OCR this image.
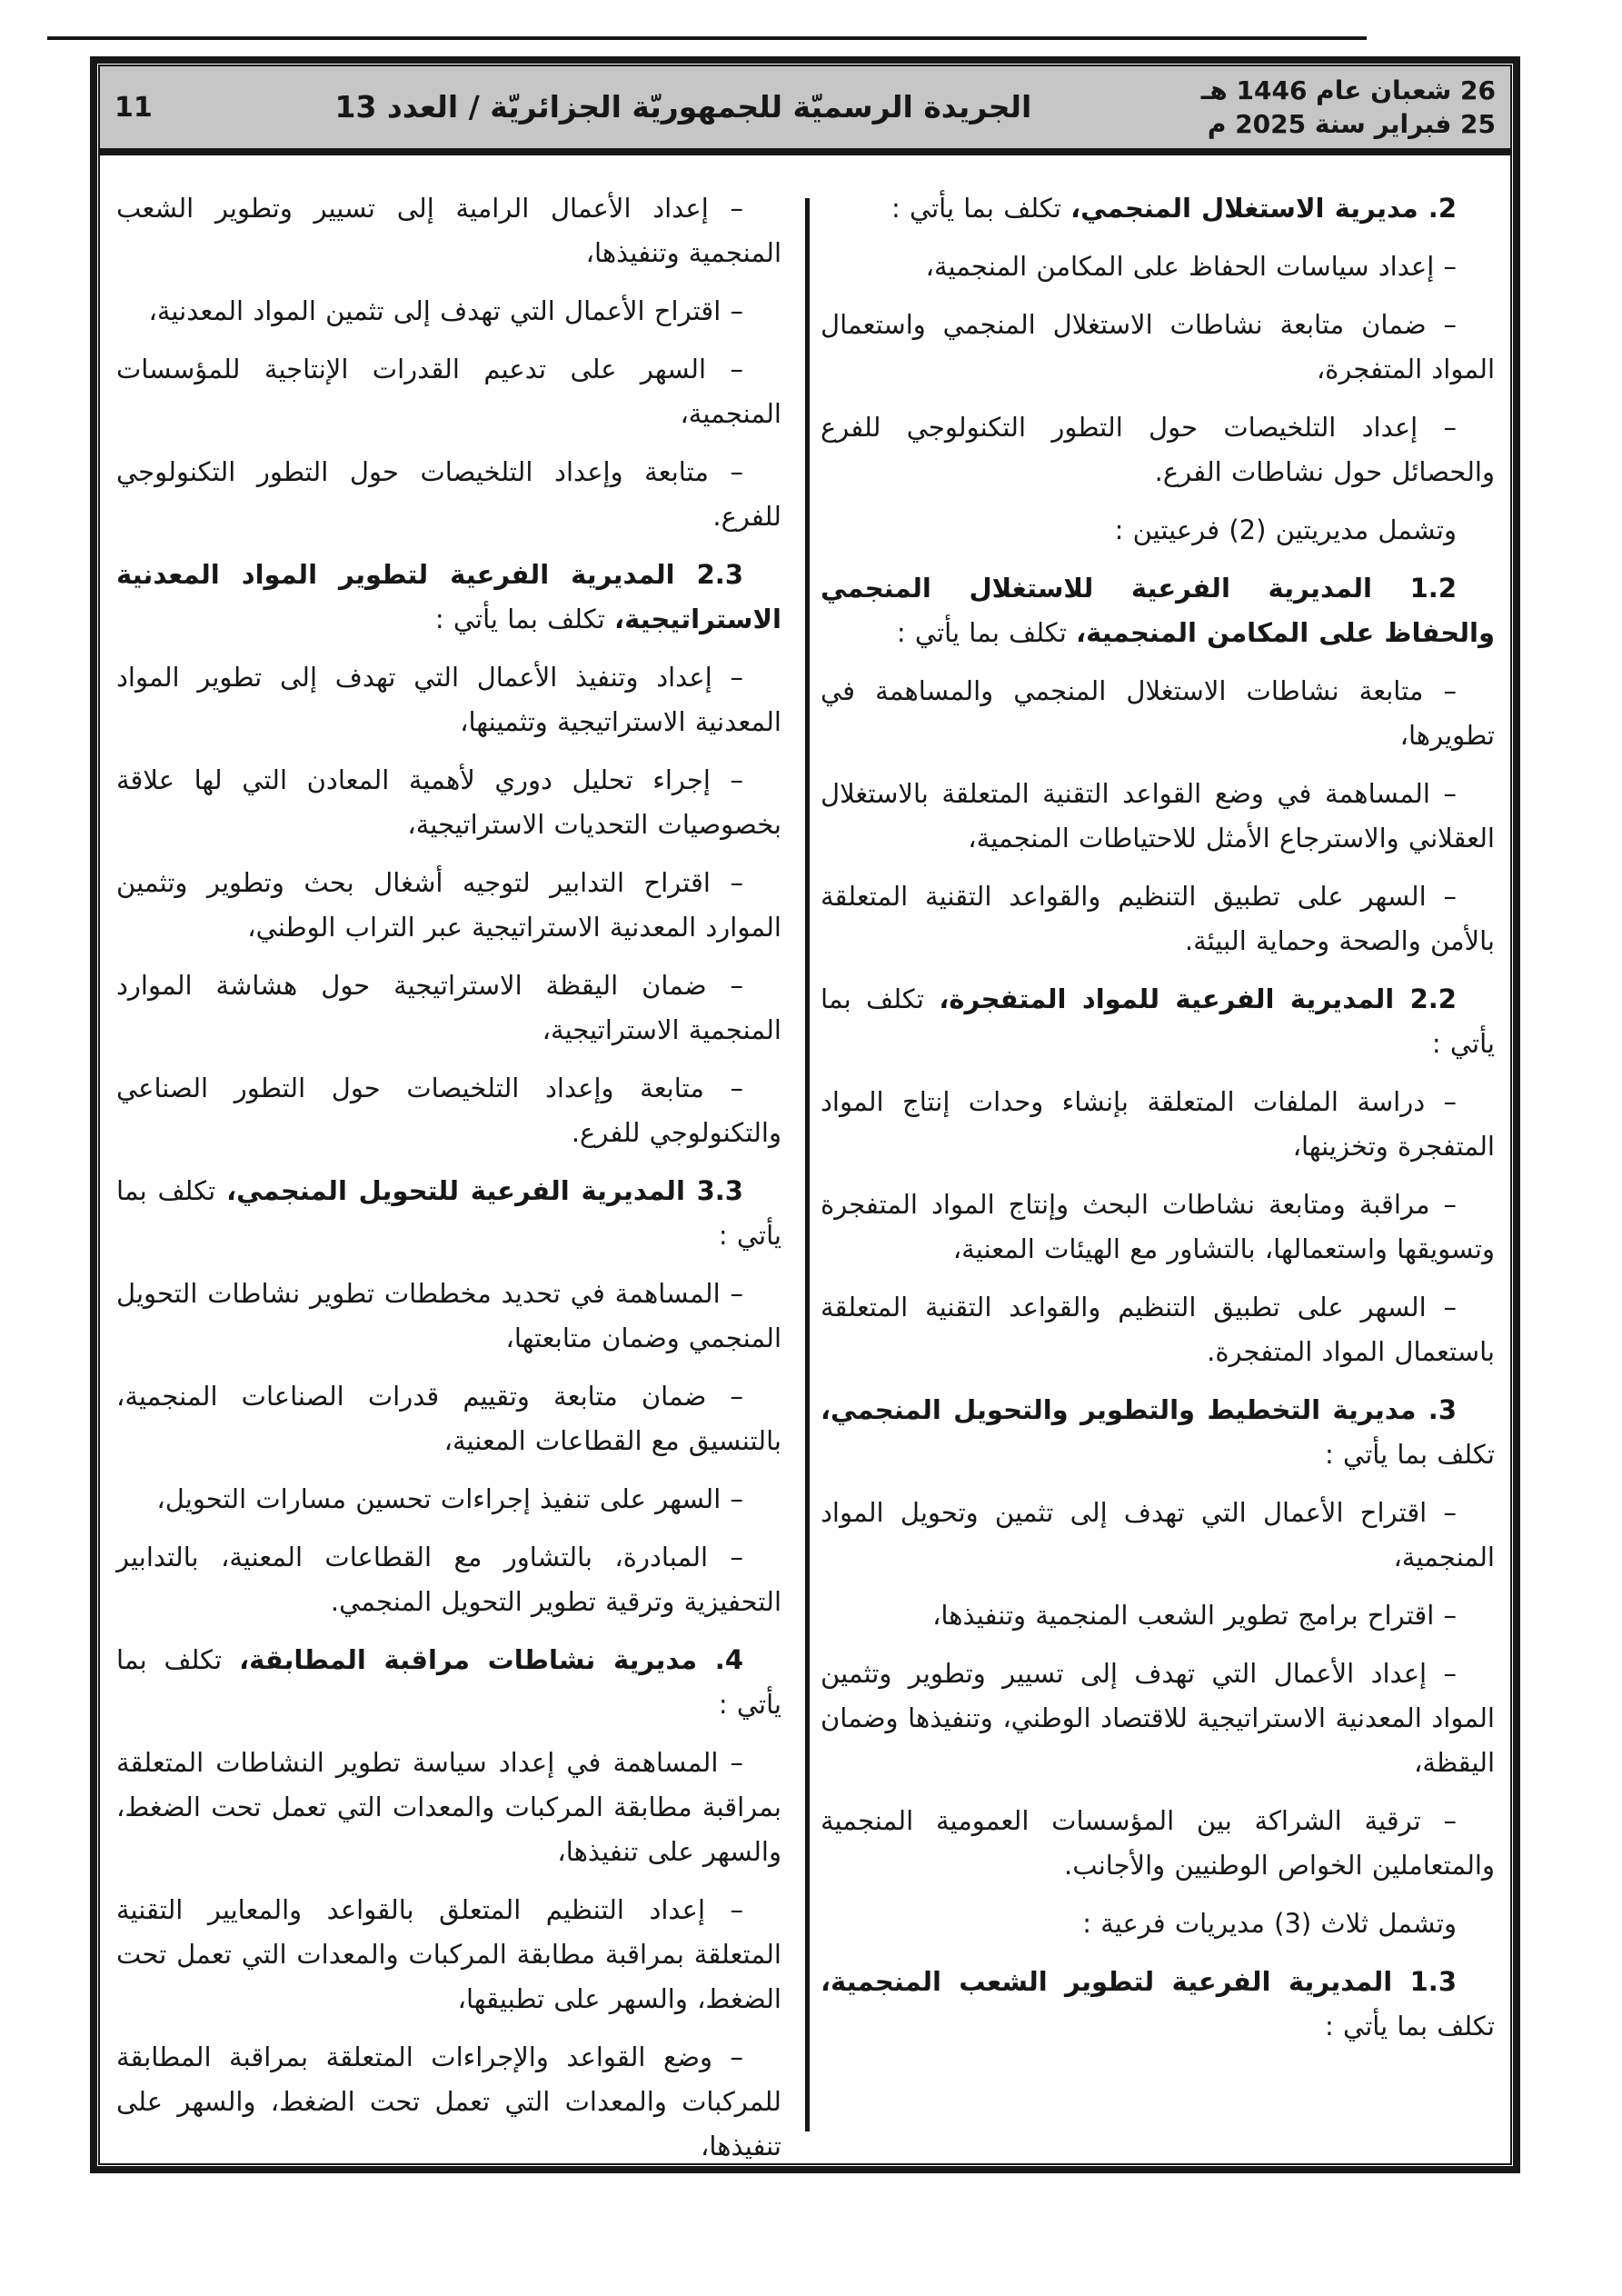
26 شعبان عام 1446 هـ
25 فبراير سنة 2025 م
الجريدة الرسميّة للجمهوريّة الجزائريّة / العدد 13
11

2. مديرية الاستغلال المنجمي، تكلف بما يأتي :

– إعداد سياسات الحفاظ على المكامن المنجمية،

– ضمان متابعة نشاطات الاستغلال المنجمي واستعمال المواد المتفجرة،

– إعداد التلخيصات حول التطور التكنولوجي للفرع والحصائل حول نشاطات الفرع.

وتشمل مديريتين (2) فرعيتين :

1.2 المديرية الفرعية للاستغلال المنجمي والحفاظ على المكامن المنجمية، تكلف بما يأتي :

– متابعة نشاطات الاستغلال المنجمي والمساهمة في تطويرها،

– المساهمة في وضع القواعد التقنية المتعلقة بالاستغلال العقلاني والاسترجاع الأمثل للاحتياطات المنجمية،

– السهر على تطبيق التنظيم والقواعد التقنية المتعلقة بالأمن والصحة وحماية البيئة.

2.2 المديرية الفرعية للمواد المتفجرة، تكلف بما يأتي :

– دراسة الملفات المتعلقة بإنشاء وحدات إنتاج المواد المتفجرة وتخزينها،

– مراقبة ومتابعة نشاطات البحث وإنتاج المواد المتفجرة وتسويقها واستعمالها، بالتشاور مع الهيئات المعنية،

– السهر على تطبيق التنظيم والقواعد التقنية المتعلقة باستعمال المواد المتفجرة.

3. مديرية التخطيط والتطوير والتحويل المنجمي، تكلف بما يأتي :

– اقتراح الأعمال التي تهدف إلى تثمين وتحويل المواد المنجمية،

– اقتراح برامج تطوير الشعب المنجمية وتنفيذها،

– إعداد الأعمال التي تهدف إلى تسيير وتطوير وتثمين المواد المعدنية الاستراتيجية للاقتصاد الوطني، وتنفيذها وضمان اليقظة،

– ترقية الشراكة بين المؤسسات العمومية المنجمية والمتعاملين الخواص الوطنيين والأجانب.

وتشمل ثلاث (3) مديريات فرعية :

1.3 المديرية الفرعية لتطوير الشعب المنجمية، تكلف بما يأتي :

– إعداد الأعمال الرامية إلى تسيير وتطوير الشعب المنجمية وتنفيذها،

– اقتراح الأعمال التي تهدف إلى تثمين المواد المعدنية،

– السهر على تدعيم القدرات الإنتاجية للمؤسسات المنجمية،

– متابعة وإعداد التلخيصات حول التطور التكنولوجي للفرع.

2.3 المديرية الفرعية لتطوير المواد المعدنية الاستراتيجية، تكلف بما يأتي :

– إعداد وتنفيذ الأعمال التي تهدف إلى تطوير المواد المعدنية الاستراتيجية وتثمينها،

– إجراء تحليل دوري لأهمية المعادن التي لها علاقة بخصوصيات التحديات الاستراتيجية،

– اقتراح التدابير لتوجيه أشغال بحث وتطوير وتثمين الموارد المعدنية الاستراتيجية عبر التراب الوطني،

– ضمان اليقظة الاستراتيجية حول هشاشة الموارد المنجمية الاستراتيجية،

– متابعة وإعداد التلخيصات حول التطور الصناعي والتكنولوجي للفرع.

3.3 المديرية الفرعية للتحويل المنجمي، تكلف بما يأتي :

– المساهمة في تحديد مخططات تطوير نشاطات التحويل المنجمي وضمان متابعتها،

– ضمان متابعة وتقييم قدرات الصناعات المنجمية، بالتنسيق مع القطاعات المعنية،

– السهر على تنفيذ إجراءات تحسين مسارات التحويل،

– المبادرة، بالتشاور مع القطاعات المعنية، بالتدابير التحفيزية وترقية تطوير التحويل المنجمي.

4. مديرية نشاطات مراقبة المطابقة، تكلف بما يأتي :

– المساهمة في إعداد سياسة تطوير النشاطات المتعلقة بمراقبة مطابقة المركبات والمعدات التي تعمل تحت الضغط، والسهر على تنفيذها،

– إعداد التنظيم المتعلق بالقواعد والمعايير التقنية المتعلقة بمراقبة مطابقة المركبات والمعدات التي تعمل تحت الضغط، والسهر على تطبيقها،

– وضع القواعد والإجراءات المتعلقة بمراقبة المطابقة للمركبات والمعدات التي تعمل تحت الضغط، والسهر على تنفيذها،
